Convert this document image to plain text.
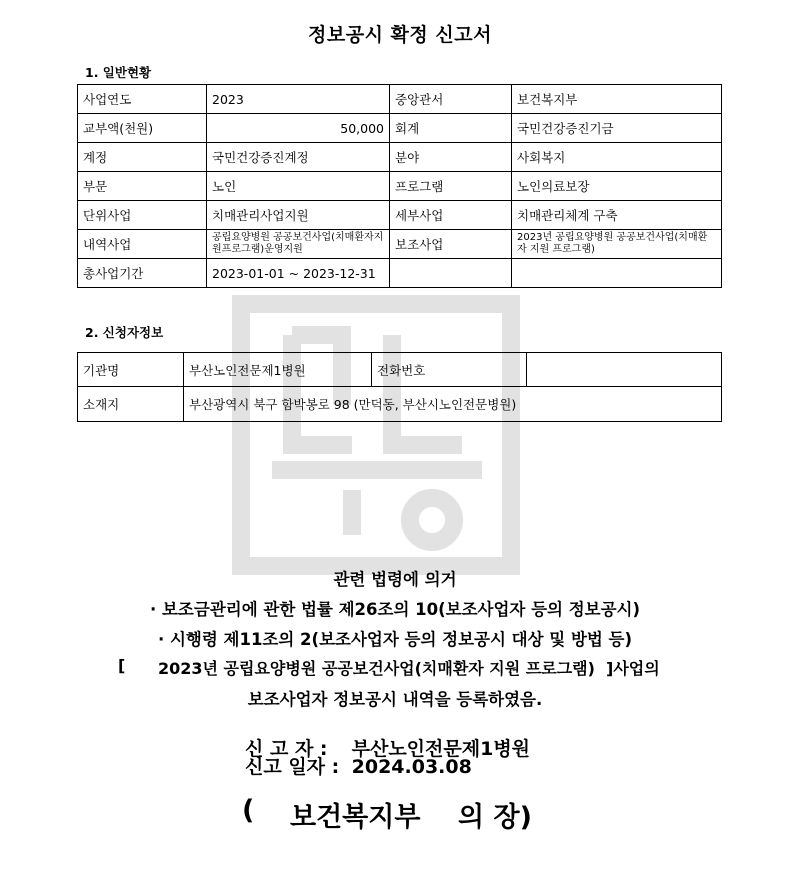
정보공시 확정 신고서
1. 일반현황
사업연도	2023	중앙관서	보건복지부
교부액(천원)	50,000	회계	국민건강증진기금
계정	국민건강증진계정	분야	사회복지
부문	노인	프로그램	노인의료보장
단위사업	치매관리사업지원	세부사업	치매관리체계 구축
내역사업	공립요양병원 공공보건사업(치매환자지원프로그램)운영지원	보조사업	2023년 공립요양병원 공공보건사업(치매환자 지원 프로그램)
총사업기간	2023-01-01 ~ 2023-12-31		
2. 신청자정보
기관명	부산노인전문제1병원	전화번호	
소재지	부산광역시 북구 함박봉로 98 (만덕동, 부산시노인전문병원)		
관련 법령에 의거
· 보조금관리에 관한 법률 제26조의 10(보조사업자 등의 정보공시)
· 시행령 제11조의 2(보조사업자 등의 정보공시 대상 및 방법 등)
[ 2023년 공립요양병원 공공보건사업(치매환자 지원 프로그램) ]사업의
보조사업자 정보공시 내역을 등록하였음.
신 고 자 : 부산노인전문제1병원
신고 일자 : 2024.03.08
( 보건복지부 의 장)
